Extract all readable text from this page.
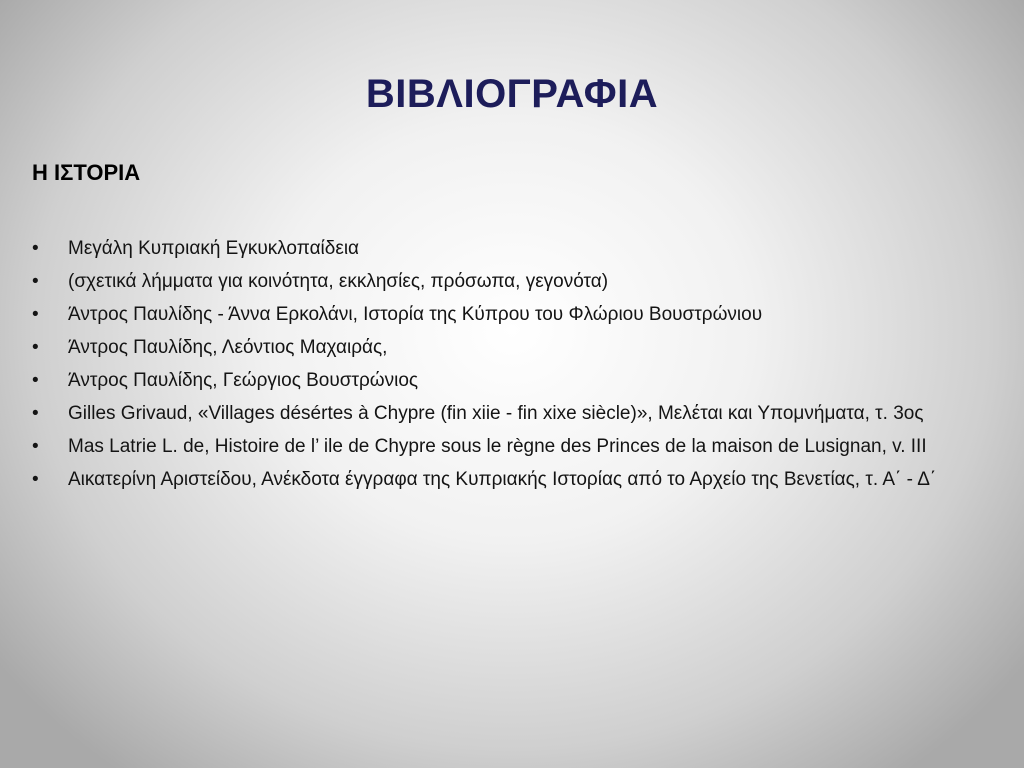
ΒΙΒΛΙΟΓΡΑΦΙΑ
Η ΙΣΤΟΡΙΑ
•	Μεγάλη Κυπριακή Εγκυκλοπαίδεια
•	(σχετικά λήμματα για κοινότητα, εκκλησίες, πρόσωπα, γεγονότα)
•	Άντρος Παυλίδης - Άννα Ερκολάνι, Ιστορία της Κύπρου του Φλώριου Βουστρώνιου
•	Άντρος Παυλίδης, Λεόντιος Μαχαιράς,
•	Άντρος Παυλίδης, Γεώργιος Βουστρώνιος
•	Gilles Grivaud, «Villages désértes à Chypre (fin xiie - fin xixe siècle)», Μελέται και Υπομνήματα, τ. 3ος
•	Mas Latrie L. de, Histoire de l’ ile de Chypre sous le règne des Princes de la maison de Lusignan, v. III
•	Αικατερίνη Αριστείδου, Ανέκδοτα έγγραφα της Κυπριακής Ιστορίας από το Αρχείο της Βενετίας, τ. Α΄ - Δ΄
